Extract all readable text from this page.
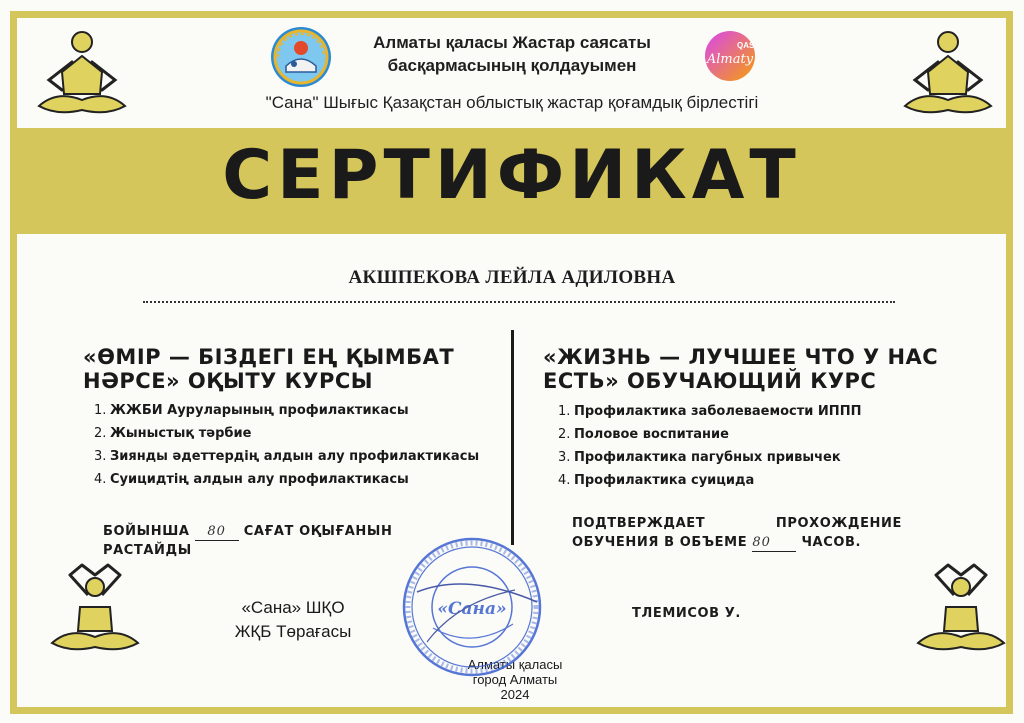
QAS
Almaty
Алматы қаласы Жастар саясаты
басқармасының қолдауымен
"Сана" Шығыс Қазақстан облыстық жастар қоғамдық бірлестігі
СЕРТИФИКАТ
АКШПЕКОВА ЛЕЙЛА АДИЛОВНА
«ӨМІР — БІЗДЕГІ ЕҢ ҚЫМБАТ НӘРСЕ» ОҚЫТУ КУРСЫ
1. ЖЖБИ Ауруларының профилактикасы
2. Жыныстық тәрбие
3. Зиянды әдеттердің алдын алу профилактикасы
4. Суицидтің алдын алу профилактикасы
БОЙЫНША 80 САҒАТ ОҚЫҒАНЫН РАСТАЙДЫ
«ЖИЗНЬ — ЛУЧШЕЕ ЧТО У НАС ЕСТЬ» ОБУЧАЮЩИЙ КУРС
1. Профилактика заболеваемости ИППП
2. Половое воспитание
3. Профилактика пагубных привычек
4. Профилактика суицида
ПОДТВЕРЖДАЕТ ПРОХОЖДЕНИЕ
ОБУЧЕНИЯ В ОБЪЕМЕ 80 ЧАСОВ.
«Сана» ШҚО
ЖҚБ Төрағасы
ТЛЕМИСОВ У.
Алматы қаласы
город Алматы
2024
«Сана»
